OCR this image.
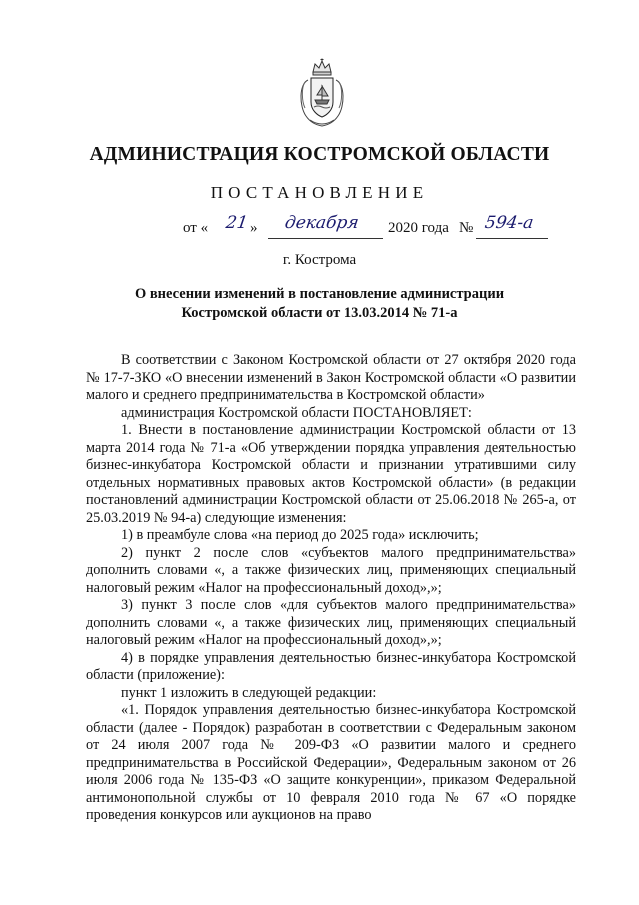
АДМИНИСТРАЦИЯ КОСТРОМСКОЙ ОБЛАСТИ
ПОСТАНОВЛЕНИЕ
от « 21 » декабря 2020 года № 594-а
г. Кострома
О внесении изменений в постановление администрации
Костромской области от 13.03.2014 № 71-а

В соответствии с Законом Костромской области от 27 октября 2020 года № 17-7-ЗКО «О внесении изменений в Закон Костромской области «О развитии малого и среднего предпринимательства в Костромской области»

администрация Костромской области ПОСТАНОВЛЯЕТ:

1. Внести в постановление администрации Костромской области от 13 марта 2014 года № 71-а «Об утверждении порядка управления деятельностью бизнес-инкубатора Костромской области и признании утратившими силу отдельных нормативных правовых актов Костромской области» (в редакции постановлений администрации Костромской области от 25.06.2018 № 265-а, от 25.03.2019 № 94-а) следующие изменения:

1) в преамбуле слова «на период до 2025 года» исключить;

2) пункт 2 после слов «субъектов малого предпринимательства» дополнить словами «, а также физических лиц, применяющих специальный налоговый режим «Налог на профессиональный доход»,»;

3) пункт 3 после слов «для субъектов малого предпринимательства» дополнить словами «, а также физических лиц, применяющих специальный налоговый режим «Налог на профессиональный доход»,»;

4) в порядке управления деятельностью бизнес-инкубатора Костромской области (приложение):

пункт 1 изложить в следующей редакции:

«1. Порядок управления деятельностью бизнес-инкубатора Костромской области (далее - Порядок) разработан в соответствии с Федеральным законом от 24 июля 2007 года № 209-ФЗ «О развитии малого и среднего предпринимательства в Российской Федерации», Федеральным законом от 26 июля 2006 года № 135-ФЗ «О защите конкуренции», приказом Федеральной антимонопольной службы от 10 февраля 2010 года № 67 «О порядке проведения конкурсов или аукционов на право
